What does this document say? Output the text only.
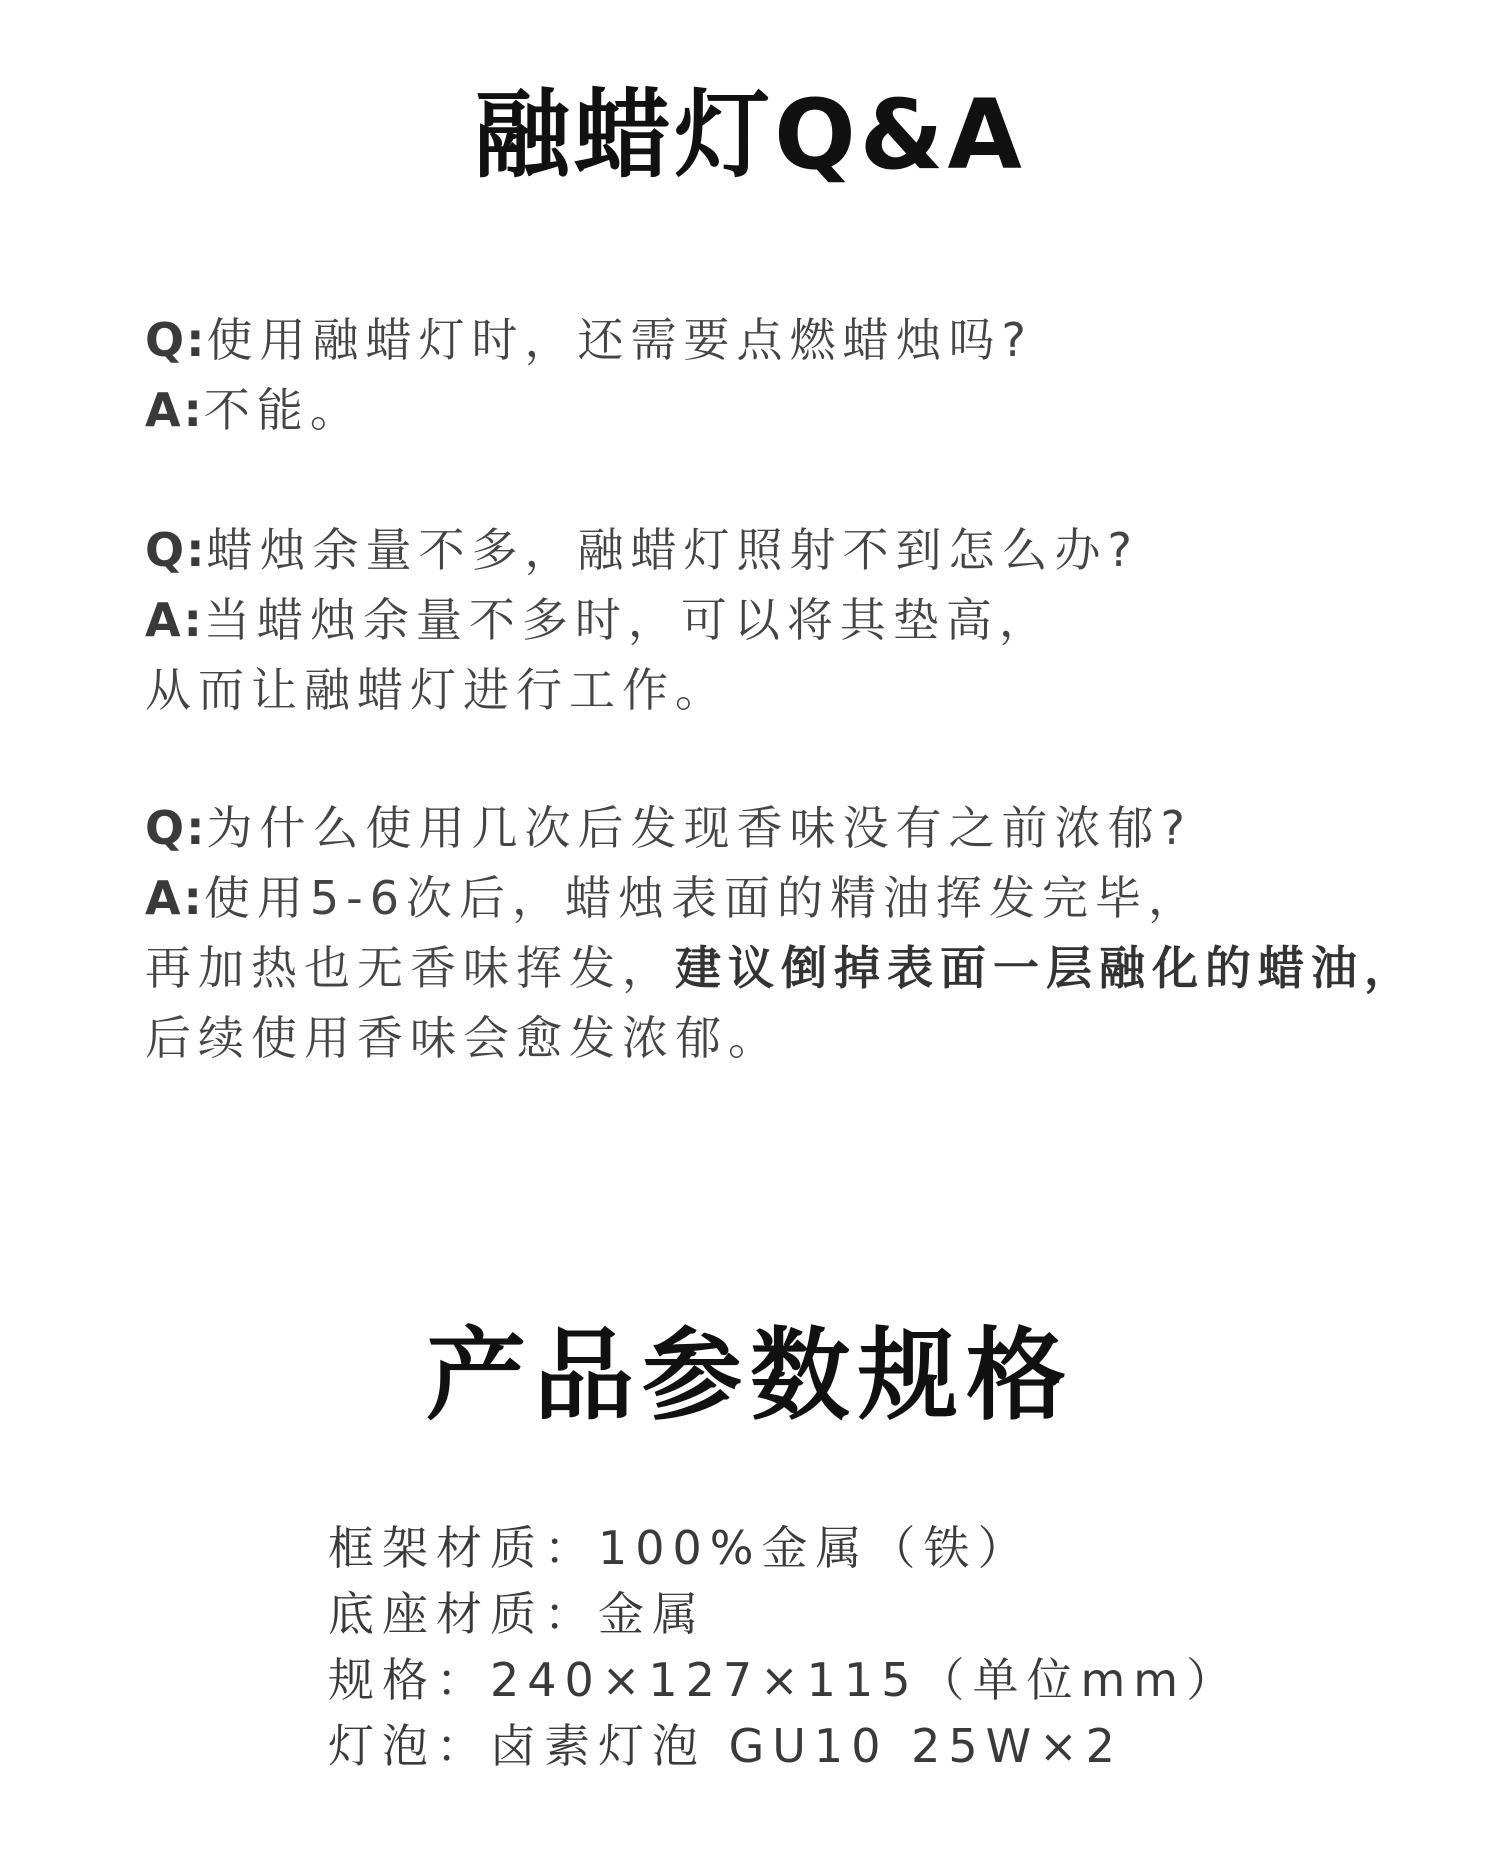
融蜡灯Q&A
Q:使用融蜡灯时，还需要点燃蜡烛吗?
A:不能。
Q:蜡烛余量不多，融蜡灯照射不到怎么办?
A:当蜡烛余量不多时，可以将其垫高，
从而让融蜡灯进行工作。
Q:为什么使用几次后发现香味没有之前浓郁?
A:使用5-6次后，蜡烛表面的精油挥发完毕，
再加热也无香味挥发，建议倒掉表面一层融化的蜡油，
后续使用香味会愈发浓郁。
产品参数规格
框架材质：100%金属（铁）
底座材质：金属
规格：240×127×115（单位mm）
灯泡：卤素灯泡 GU10 25W×2
